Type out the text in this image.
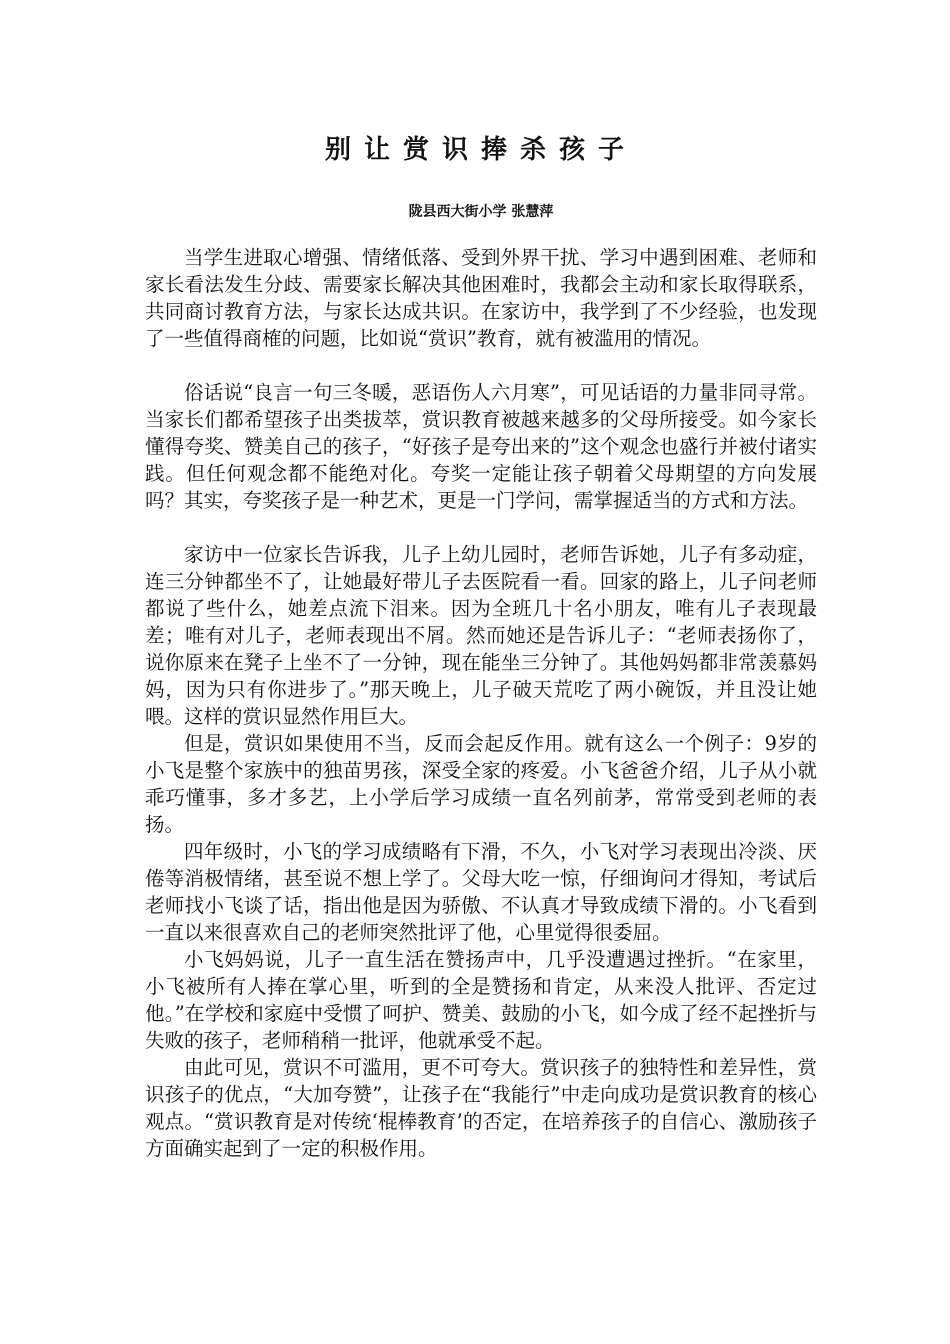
别让赏识捧杀孩子
陇县西大街小学 张慧萍

当学生进取心增强、情绪低落、受到外界干扰、学习中遇到困难、老师和家长看法发生分歧、需要家长解决其他困难时，我都会主动和家长取得联系，共同商讨教育方法，与家长达成共识。在家访中，我学到了不少经验，也发现了一些值得商榷的问题，比如说“赏识”教育，就有被滥用的情况。

俗话说“良言一句三冬暖，恶语伤人六月寒”，可见话语的力量非同寻常。当家长们都希望孩子出类拔萃，赏识教育被越来越多的父母所接受。如今家长懂得夸奖、赞美自己的孩子，“好孩子是夸出来的”这个观念也盛行并被付诸实践。但任何观念都不能绝对化。夸奖一定能让孩子朝着父母期望的方向发展吗？其实，夸奖孩子是一种艺术，更是一门学问，需掌握适当的方式和方法。

家访中一位家长告诉我，儿子上幼儿园时，老师告诉她，儿子有多动症，连三分钟都坐不了，让她最好带儿子去医院看一看。回家的路上，儿子问老师都说了些什么，她差点流下泪来。因为全班几十名小朋友，唯有儿子表现最差；唯有对儿子，老师表现出不屑。然而她还是告诉儿子：“老师表扬你了，说你原来在凳子上坐不了一分钟，现在能坐三分钟了。其他妈妈都非常羡慕妈妈，因为只有你进步了。”那天晚上，儿子破天荒吃了两小碗饭，并且没让她喂。这样的赏识显然作用巨大。

但是，赏识如果使用不当，反而会起反作用。就有这么一个例子：9岁的小飞是整个家族中的独苗男孩，深受全家的疼爱。小飞爸爸介绍，儿子从小就乖巧懂事，多才多艺，上小学后学习成绩一直名列前茅，常常受到老师的表扬。

四年级时，小飞的学习成绩略有下滑，不久，小飞对学习表现出冷淡、厌倦等消极情绪，甚至说不想上学了。父母大吃一惊，仔细询问才得知，考试后老师找小飞谈了话，指出他是因为骄傲、不认真才导致成绩下滑的。小飞看到一直以来很喜欢自己的老师突然批评了他，心里觉得很委屈。

小飞妈妈说，儿子一直生活在赞扬声中，几乎没遭遇过挫折。“在家里，小飞被所有人捧在掌心里，听到的全是赞扬和肯定，从来没人批评、否定过他。”在学校和家庭中受惯了呵护、赞美、鼓励的小飞，如今成了经不起挫折与失败的孩子，老师稍稍一批评，他就承受不起。

由此可见，赏识不可滥用，更不可夸大。赏识孩子的独特性和差异性，赏识孩子的优点，“大加夸赞”，让孩子在“我能行”中走向成功是赏识教育的核心观点。“赏识教育是对传统‘棍棒教育’的否定，在培养孩子的自信心、激励孩子方面确实起到了一定的积极作用。
